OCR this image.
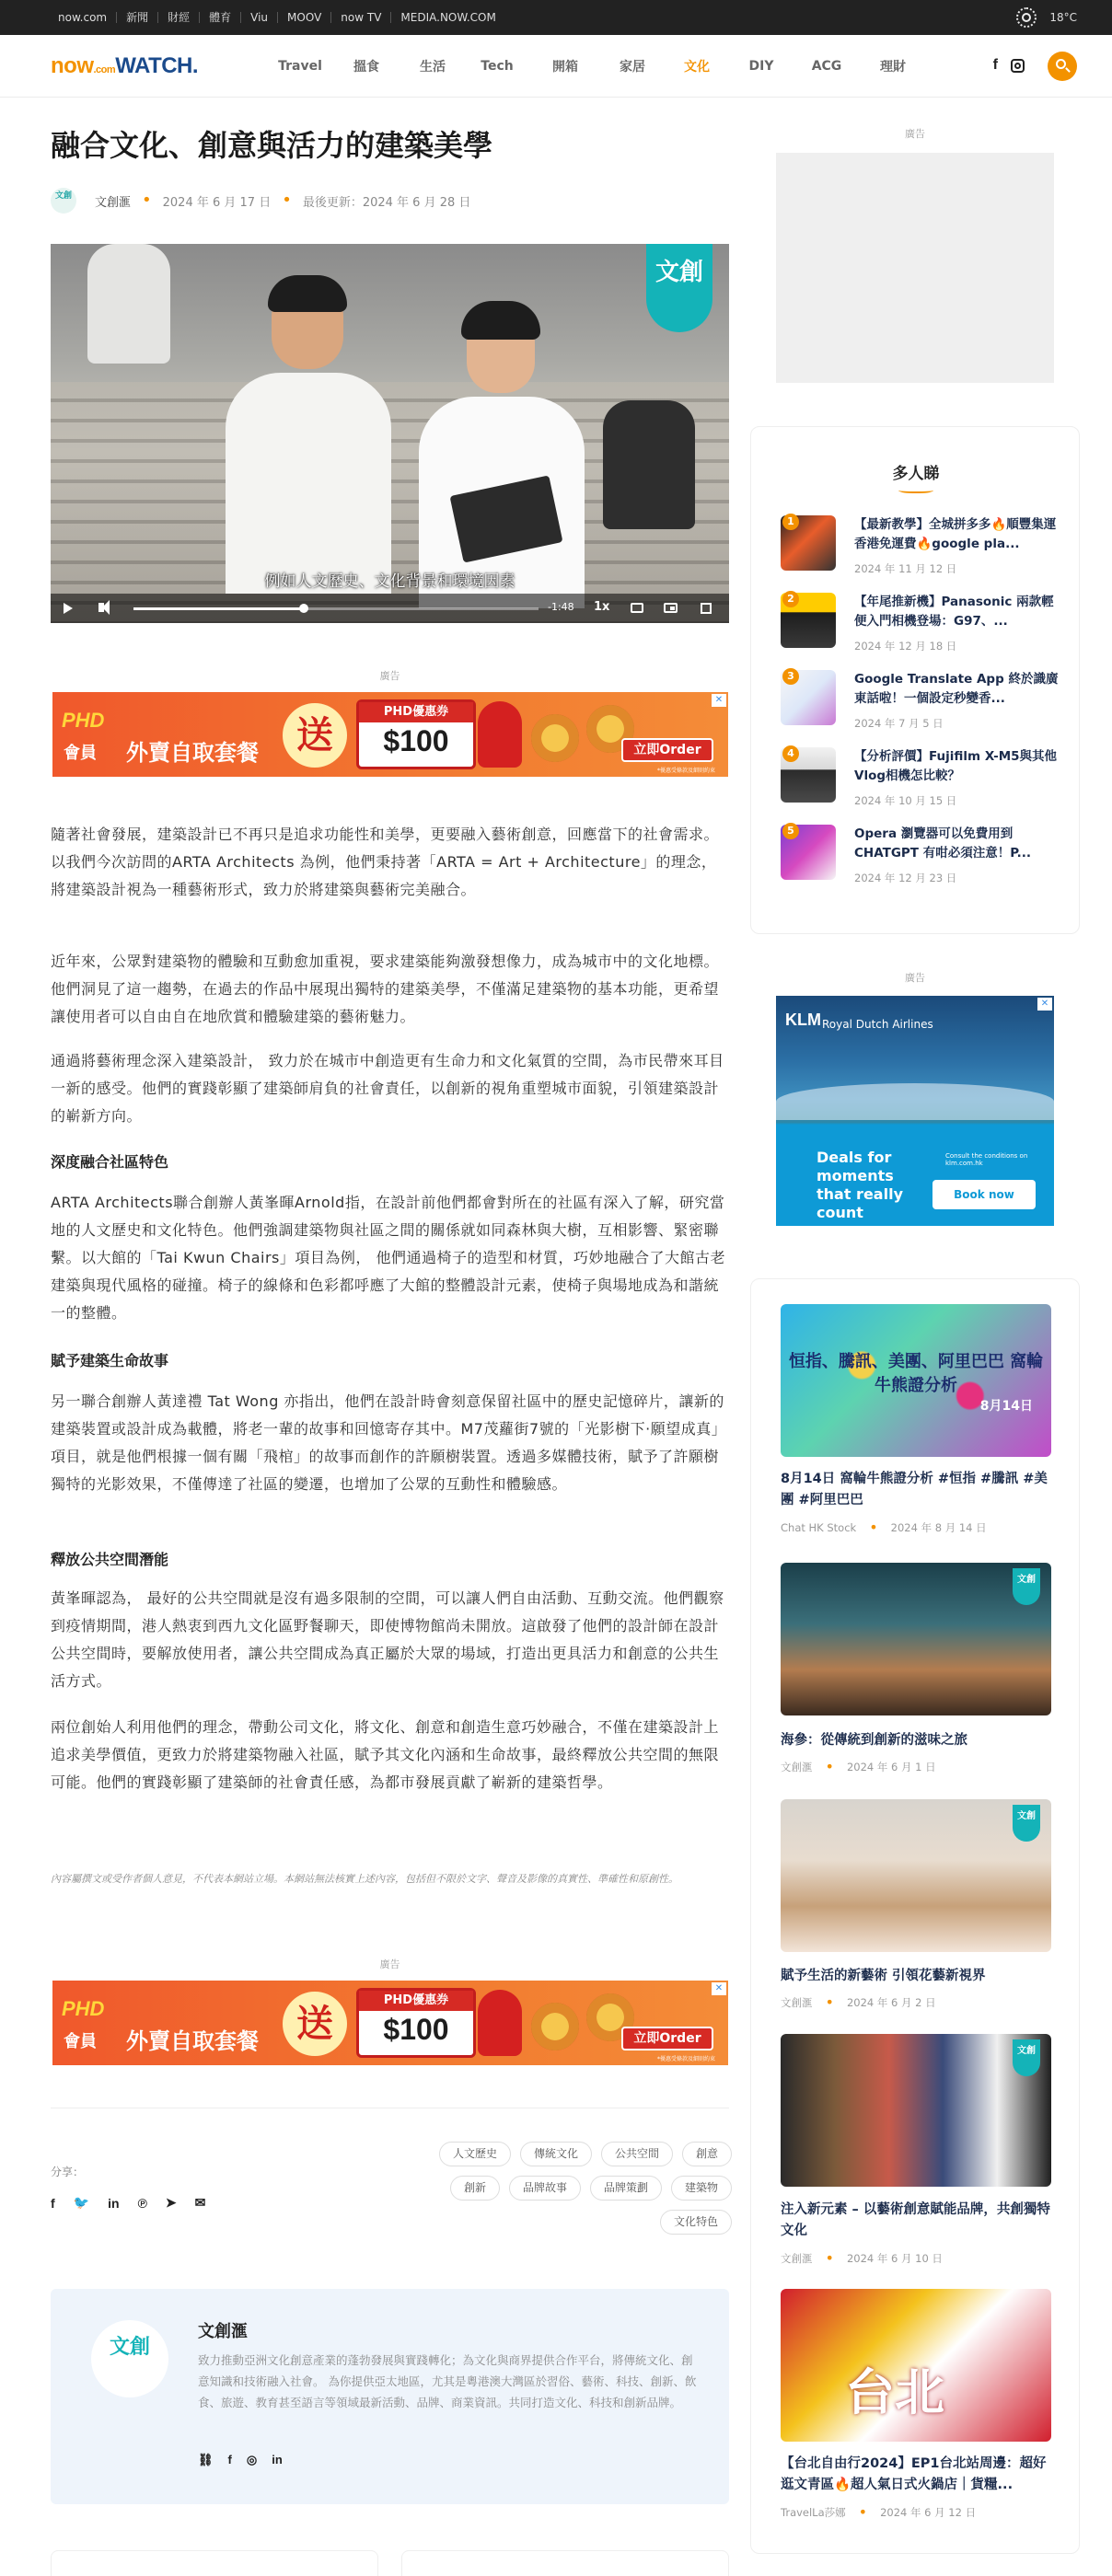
now.com	新聞	財經	體育	Viu	MOOV	now TV	MEDIA.NOW.COM	18°C
now.comWATCH.	Travel	搵食	生活	Tech	開箱	家居	文化	DIY	ACG	理財	f
融合文化、創意與活力的建築美學
文創
文創滙 • 2024 年 6 月 17 日 • 最後更新：2024 年 6 月 28 日
文創
例如人文歷史、文化背景和環境因素
-1:48 1x
廣告
PHD
會員 外賣自取套餐	送
PHD優惠券
$100	立即Order
*優惠受條款及細則約束
✕

隨著社會發展，建築設計已不再只是追求功能性和美學，更要融入藝術創意，回應當下的社會需求。以我們今次訪問的ARTA Architects 為例，他們秉持著「ARTA = Art + Architecture」的理念，將建築設計視為一種藝術形式，致力於將建築與藝術完美融合。

近年來，公眾對建築物的體驗和互動愈加重視，要求建築能夠激發想像力，成為城市中的文化地標。他們洞見了這一趨勢，在過去的作品中展現出獨特的建築美學，不僅滿足建築物的基本功能，更希望讓使用者可以自由自在地欣賞和體驗建築的藝術魅力。

通過將藝術理念深入建築設計， 致力於在城市中創造更有生命力和文化氣質的空間，為市民帶來耳目一新的感受。他們的實踐彰顯了建築師肩負的社會責任，以創新的視角重塑城市面貌，引領建築設計的嶄新方向。

深度融合社區特色

ARTA Architects聯合創辦人黃峯暉Arnold指，在設計前他們都會對所在的社區有深入了解，研究當地的人文歷史和文化特色。他們強調建築物與社區之間的關係就如同森林與大樹，互相影響、緊密聯繫。以大館的「Tai Kwun Chairs」項目為例， 他們通過椅子的造型和材質，巧妙地融合了大館古老建築與現代風格的碰撞。椅子的線條和色彩都呼應了大館的整體設計元素，使椅子與場地成為和諧統一的整體。

賦予建築生命故事

另一聯合創辦人黃達禮 Tat Wong 亦指出，他們在設計時會刻意保留社區中的歷史記憶碎片，讓新的建築裝置或設計成為載體，將老一輩的故事和回憶寄存其中。M7茂蘿街7號的「光影樹下·願望成真」項目，就是他們根據一個有關「飛棺」的故事而創作的許願樹裝置。透過多媒體技術，賦予了許願樹獨特的光影效果，不僅傳達了社區的變遷，也增加了公眾的互動性和體驗感。

釋放公共空間潛能

黃峯暉認為， 最好的公共空間就是沒有過多限制的空間，可以讓人們自由活動、互動交流。他們觀察到疫情期間，港人熱衷到西九文化區野餐聊天，即使博物館尚未開放。這啟發了他們的設計師在設計公共空間時，要解放使用者，讓公共空間成為真正屬於大眾的場域，打造出更具活力和創意的公共生活方式。

兩位創始人利用他們的理念，帶動公司文化，將文化、創意和創造生意巧妙融合，不僅在建築設計上追求美學價值，更致力於將建築物融入社區，賦予其文化內涵和生命故事，最終釋放公共空間的無限可能。他們的實踐彰顯了建築師的社會責任感，為都市發展貢獻了嶄新的建築哲學。

內容屬撰文或受作者個人意見，不代表本網站立場。本網站無法核實上述內容，包括但不限於文字、聲音及影像的真實性、準確性和原創性。

廣告
PHD
會員 外賣自取套餐	送
PHD優惠券
$100	立即Order
*優惠受條款及細則約束
✕
分享：
f 🐦 in ℗ ➤ ✉
人文歷史	傳統文化	公共空間	創意
創新	品牌故事	品牌策劃	建築物
文化特色
文創
文創滙
致力推動亞洲文化創意產業的蓬勃發展與實踐轉化；為文化與商界提供合作平台，將傳統文化、創意知識和技術融入社會。 為你提供亞太地區，尤其是粵港澳大灣區於習俗、藝術、科技、創新、飲食、旅遊、教育甚至語言等領域最新活動、品牌、商業資訊。共同打造文化、科技和創新品牌。
⛓ f ◎ in
廣告
多人睇
1	【最新教學】全城拼多多🔥順豐集運香港免運費🔥google pla...
2024 年 11 月 12 日
2	【年尾推新機】Panasonic 兩款輕便入門相機登場：G97、...
2024 年 12 月 18 日
3	Google Translate App 終於識廣東話啦！一個設定秒變香...
2024 年 7 月 5 日
4	【分析評價】Fujifilm X-M5與其他Vlog相機怎比較？
2024 年 10 月 15 日
5	Opera 瀏覽器可以免費用到 CHATGPT 有咁必須注意！P...
2024 年 12 月 23 日
廣告
KLM Royal Dutch Airlines
Deals for moments that really count
Consult the conditions on klm.com.hk
Book now
✕
恒指、騰訊、美團、阿里巴巴 窩輪牛熊證分析
8月14日
8月14日 窩輪牛熊證分析 #恒指 #騰訊 #美團 #阿里巴巴
Chat HK Stock • 2024 年 8 月 14 日
文創
海參：從傳統到創新的滋味之旅
文創滙 • 2024 年 6 月 1 日
文創
賦予生活的新藝術 引領花藝新視界
文創滙 • 2024 年 6 月 2 日
文創
注入新元素 – 以藝術創意賦能品牌，共創獨特文化
文創滙 • 2024 年 6 月 10 日
台北
【台北自由行2024】EP1台北站周邊：超好逛文青區🔥超人氣日式火鍋店｜貨糧...
TravelLa莎娜 • 2024 年 6 月 12 日
